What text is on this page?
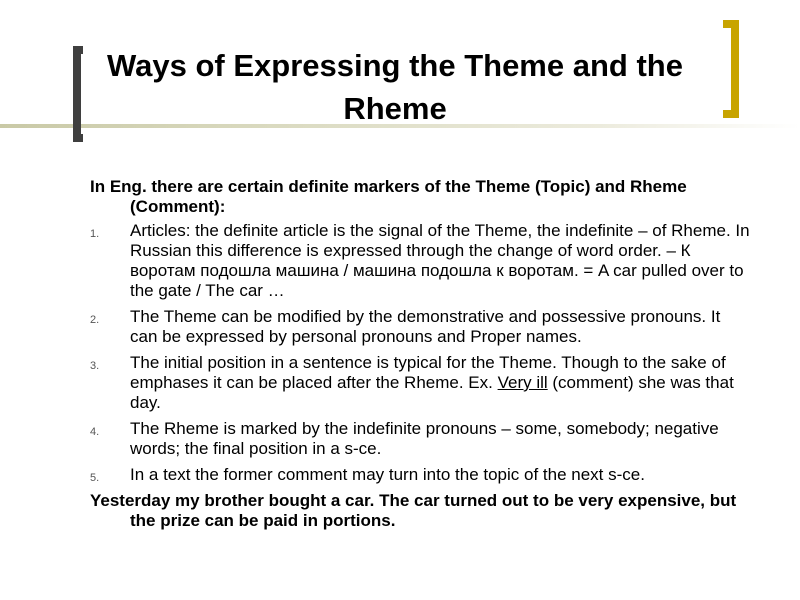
Ways of Expressing the Theme and the Rheme

In Eng. there are certain definite markers of the Theme (Topic) and Rheme (Comment):

1. Articles: the definite article is the signal of the Theme, the indefinite – of Rheme. In Russian this difference is expressed through the change of word order. – К воротам подошла машина / машина подошла к воротам. = A car pulled over to the gate / The car …
2. The Theme can be modified by the demonstrative and possessive pronouns. It can be expressed by personal pronouns and Proper names.
3. The initial position in a sentence is typical for the Theme. Though to the sake of emphases it can be placed after the Rheme. Ex. Very ill (comment) she was that day.
4. The Rheme is marked by the indefinite pronouns – some, somebody; negative words; the final position in a s-ce.
5. In a text the former comment may turn into the topic of the next s-ce.

Yesterday my brother bought a car. The car turned out to be very expensive, but the prize can be paid in portions.
